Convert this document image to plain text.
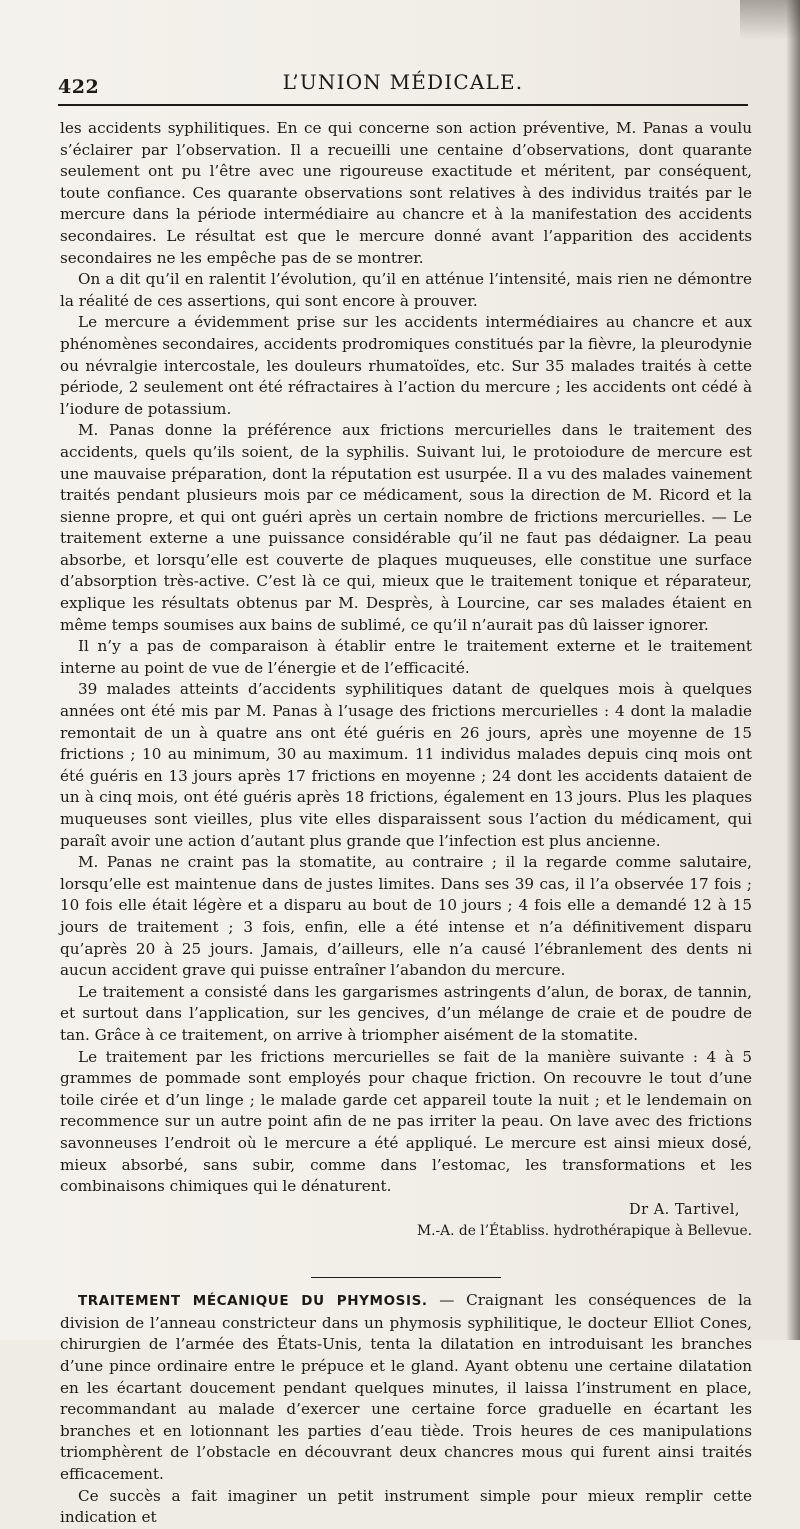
422	L’UNION MÉDICALE.

les accidents syphilitiques. En ce qui concerne son action préventive, M. Panas a voulu s’éclairer par l’observation. Il a recueilli une centaine d’observations, dont quarante seulement ont pu l’être avec une rigoureuse exactitude et méritent, par conséquent, toute confiance. Ces quarante observations sont relatives à des individus traités par le mercure dans la période intermédiaire au chancre et à la manifestation des accidents secondaires. Le résultat est que le mercure donné avant l’apparition des accidents secondaires ne les empêche pas de se montrer.

On a dit qu’il en ralentit l’évolution, qu’il en atténue l’intensité, mais rien ne démontre la réalité de ces assertions, qui sont encore à prouver.

Le mercure a évidemment prise sur les accidents intermédiaires au chancre et aux phénomènes secondaires, accidents prodromiques constitués par la fièvre, la pleurodynie ou névralgie intercostale, les douleurs rhumatoïdes, etc. Sur 35 malades traités à cette période, 2 seulement ont été réfractaires à l’action du mercure ; les accidents ont cédé à l’iodure de potassium.

M. Panas donne la préférence aux frictions mercurielles dans le traitement des accidents, quels qu’ils soient, de la syphilis. Suivant lui, le protoiodure de mercure est une mauvaise préparation, dont la réputation est usurpée. Il a vu des malades vainement traités pendant plusieurs mois par ce médicament, sous la direction de M. Ricord et la sienne propre, et qui ont guéri après un certain nombre de frictions mercurielles. — Le traitement externe a une puissance considérable qu’il ne faut pas dédaigner. La peau absorbe, et lorsqu’elle est couverte de plaques muqueuses, elle constitue une surface d’absorption très-active. C’est là ce qui, mieux que le traitement tonique et réparateur, explique les résultats obtenus par M. Desprès, à Lourcine, car ses malades étaient en même temps soumises aux bains de sublimé, ce qu’il n’aurait pas dû laisser ignorer.

Il n’y a pas de comparaison à établir entre le traitement externe et le traitement interne au point de vue de l’énergie et de l’efficacité.

39 malades atteints d’accidents syphilitiques datant de quelques mois à quelques années ont été mis par M. Panas à l’usage des frictions mercurielles : 4 dont la maladie remontait de un à quatre ans ont été guéris en 26 jours, après une moyenne de 15 frictions ; 10 au minimum, 30 au maximum. 11 individus malades depuis cinq mois ont été guéris en 13 jours après 17 frictions en moyenne ; 24 dont les accidents dataient de un à cinq mois, ont été guéris après 18 frictions, également en 13 jours. Plus les plaques muqueuses sont vieilles, plus vite elles disparaissent sous l’action du médicament, qui paraît avoir une action d’autant plus grande que l’infection est plus ancienne.

M. Panas ne craint pas la stomatite, au contraire ; il la regarde comme salutaire, lorsqu’elle est maintenue dans de justes limites. Dans ses 39 cas, il l’a observée 17 fois ; 10 fois elle était légère et a disparu au bout de 10 jours ; 4 fois elle a demandé 12 à 15 jours de traitement ; 3 fois, enfin, elle a été intense et n’a définitivement disparu qu’après 20 à 25 jours. Jamais, d’ailleurs, elle n’a causé l’ébranlement des dents ni aucun accident grave qui puisse entraîner l’abandon du mercure.

Le traitement a consisté dans les gargarismes astringents d’alun, de borax, de tannin, et surtout dans l’application, sur les gencives, d’un mélange de craie et de poudre de tan. Grâce à ce traitement, on arrive à triompher aisément de la stomatite.

Le traitement par les frictions mercurielles se fait de la manière suivante : 4 à 5 grammes de pommade sont employés pour chaque friction. On recouvre le tout d’une toile cirée et d’un linge ; le malade garde cet appareil toute la nuit ; et le lendemain on recommence sur un autre point afin de ne pas irriter la peau. On lave avec des frictions savonneuses l’endroit où le mercure a été appliqué. Le mercure est ainsi mieux dosé, mieux absorbé, sans subir, comme dans l’estomac, les transformations et les combinaisons chimiques qui le dénaturent.

Dr A. Tartivel,
M.-A. de l’Établiss. hydrothérapique à Bellevue.

TRAITEMENT MÉCANIQUE DU PHYMOSIS. — Craignant les conséquences de la division de l’anneau constricteur dans un phymosis syphilitique, le docteur Elliot Cones, chirurgien de l’armée des États-Unis, tenta la dilatation en introduisant les branches d’une pince ordinaire entre le prépuce et le gland. Ayant obtenu une certaine dilatation en les écartant doucement pendant quelques minutes, il laissa l’instrument en place, recommandant au malade d’exercer une certaine force graduelle en écartant les branches et en lotionnant les parties d’eau tiède. Trois heures de ces manipulations triomphèrent de l’obstacle en découvrant deux chancres mous qui furent ainsi traités efficacement.

Ce succès a fait imaginer un petit instrument simple pour mieux remplir cette indication et
